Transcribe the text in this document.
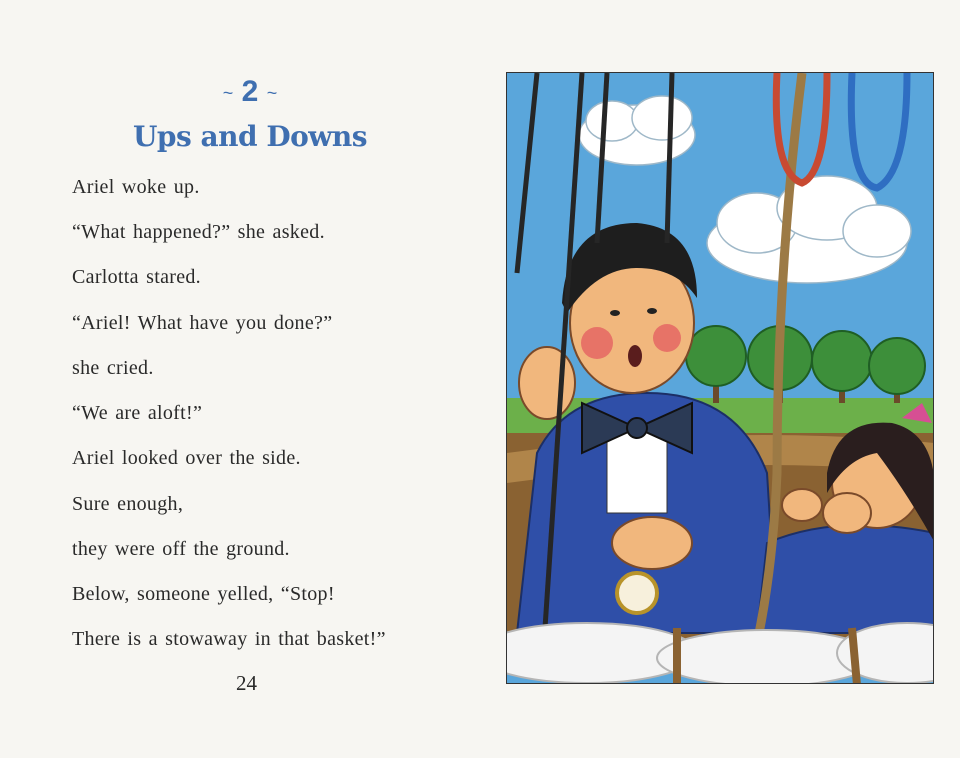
~ 2 ~
Ups and Downs
Ariel woke up.
“What happened?” she asked.
Carlotta stared.
“Ariel! What have you done?”
she cried.
“We are aloft!”
Ariel looked over the side.
Sure enough,
they were off the ground.
Below, someone yelled, “Stop!
There is a stowaway in that basket!”
24
